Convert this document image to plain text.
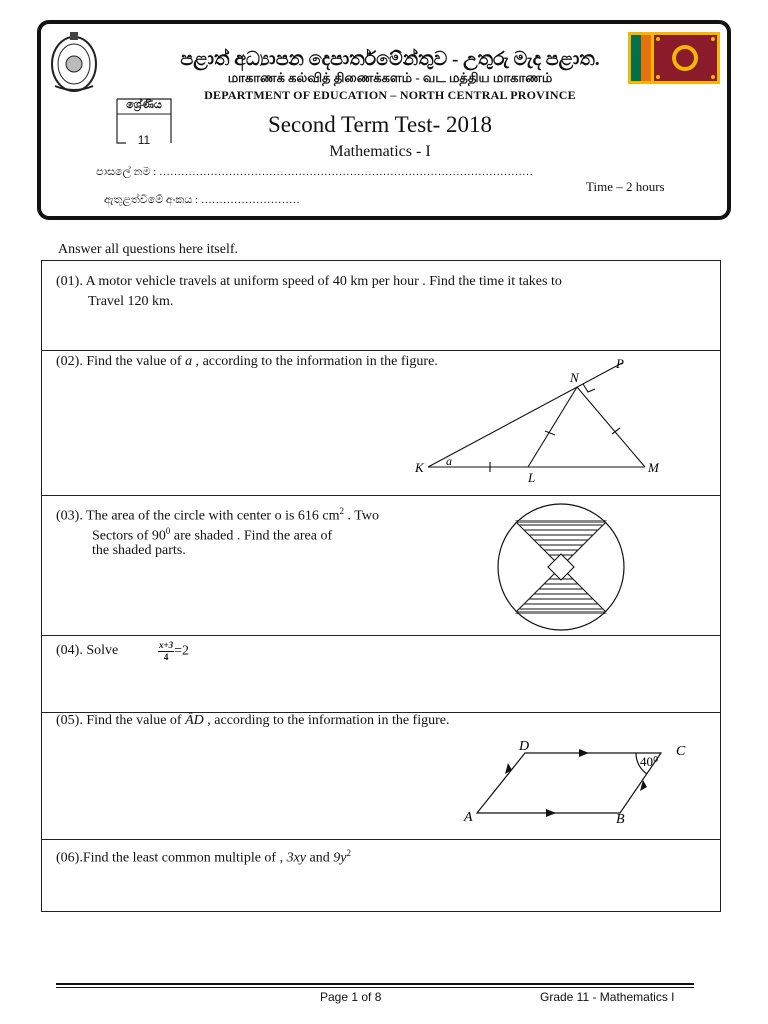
පළාත් අධ්‍යාපන දෙපාර්තමේන්තුව - උතුරු මැද පළාත.
மாகாணக் கல்வித் திணைக்களம் - வட மத்திய மாகாணம்
DEPARTMENT OF EDUCATION – NORTH CENTRAL PROVINCE
ශ්‍රේණිය
11
Second Term Test- 2018
Mathematics - I
පාසලේ නම : …………………………………………………………………………………………
ඇතුළත්වීමේ අංකය : ………………………
Time – 2 hours
Answer all questions here itself.
(01). A motor vehicle travels at uniform speed of 40 km per hour . Find the time it takes to
Travel 120 km.
(02). Find the value of a , according to the information in the figure.
N
P
K
L
M
a
(03). The area of the circle with center o is 616 $cm^2$ . Two
Sectors of $90^0$ are shaded . Find the area of
the shaded parts.
(04). Solve	$\frac{x+3}{4} =2$
(05). Find the value of ÂD , according to the information in the figure.
D	C
A	B
40⁰
(06).Find the least common multiple of , 3xy and $9y^2$
Page 1 of 8	Grade 11 - Mathematics I
